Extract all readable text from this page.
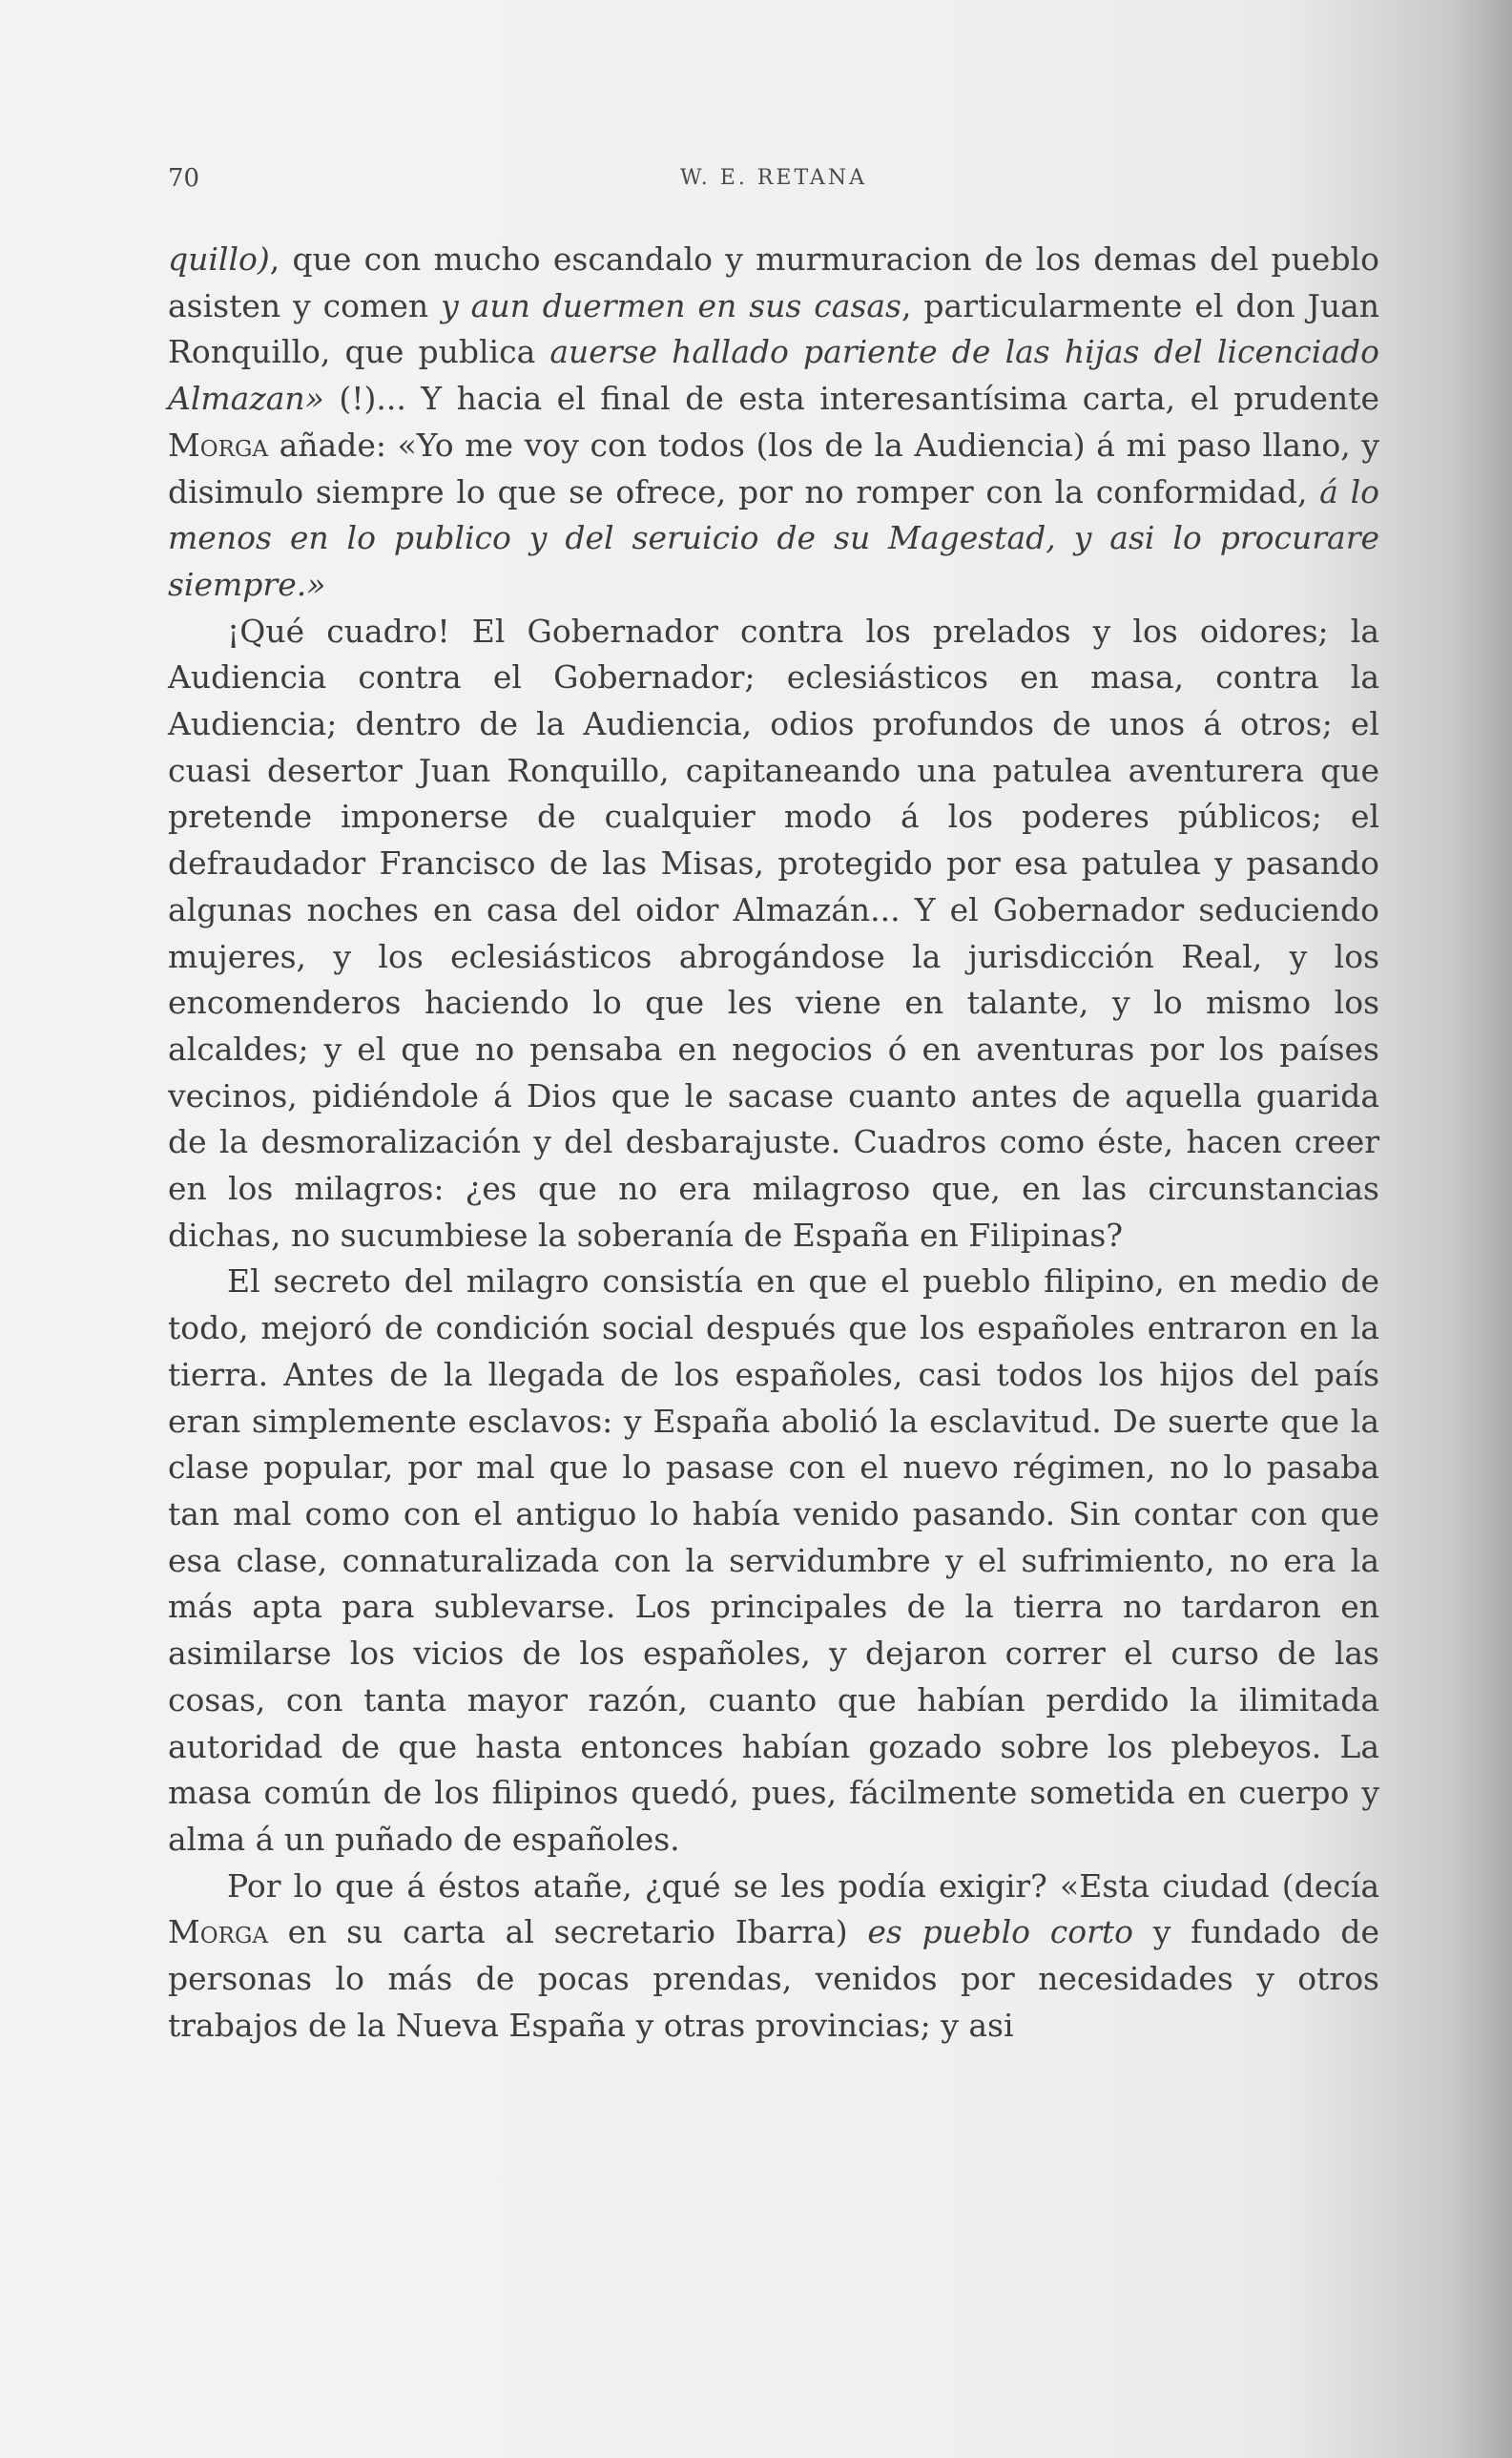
70	W. E. RETANA

quillo), que con mucho escandalo y murmuracion de los demas del pueblo asisten y comen y aun duermen en sus casas, particularmente el don Juan Ronquillo, que publica auerse hallado pariente de las hijas del licenciado Almazan» (!)... Y hacia el final de esta interesantísima carta, el prudente Morga añade: «Yo me voy con todos (los de la Audiencia) á mi paso llano, y disimulo siempre lo que se ofrece, por no romper con la conformidad, á lo menos en lo publico y del seruicio de su Magestad, y asi lo procurare siempre.»

¡Qué cuadro! El Gobernador contra los prelados y los oidores; la Audiencia contra el Gobernador; eclesiásticos en masa, contra la Audiencia; dentro de la Audiencia, odios profundos de unos á otros; el cuasi desertor Juan Ronquillo, capitaneando una patulea aventurera que pretende imponerse de cualquier modo á los poderes públicos; el defraudador Francisco de las Misas, protegido por esa patulea y pasando algunas noches en casa del oidor Almazán... Y el Gobernador seduciendo mujeres, y los eclesiásticos abrogándose la jurisdicción Real, y los encomenderos haciendo lo que les viene en talante, y lo mismo los alcaldes; y el que no pensaba en negocios ó en aventuras por los países vecinos, pidiéndole á Dios que le sacase cuanto antes de aquella guarida de la desmoralización y del desbarajuste. Cuadros como éste, hacen creer en los milagros: ¿es que no era milagroso que, en las circunstancias dichas, no sucumbiese la soberanía de España en Filipinas?

El secreto del milagro consistía en que el pueblo filipino, en medio de todo, mejoró de condición social después que los españoles entraron en la tierra. Antes de la llegada de los españoles, casi todos los hijos del país eran simplemente esclavos: y España abolió la esclavitud. De suerte que la clase popular, por mal que lo pasase con el nuevo régimen, no lo pasaba tan mal como con el antiguo lo había venido pasando. Sin contar con que esa clase, connaturalizada con la servidumbre y el sufrimiento, no era la más apta para sublevarse. Los principales de la tierra no tardaron en asimilarse los vicios de los españoles, y dejaron correr el curso de las cosas, con tanta mayor razón, cuanto que habían perdido la ilimitada autoridad de que hasta entonces habían gozado sobre los plebeyos. La masa común de los filipinos quedó, pues, fácilmente sometida en cuerpo y alma á un puñado de españoles.

Por lo que á éstos atañe, ¿qué se les podía exigir? «Esta ciudad (decía Morga en su carta al secretario Ibarra) es pueblo corto y fundado de personas lo más de pocas prendas, venidos por necesidades y otros trabajos de la Nueva España y otras provincias; y asi
